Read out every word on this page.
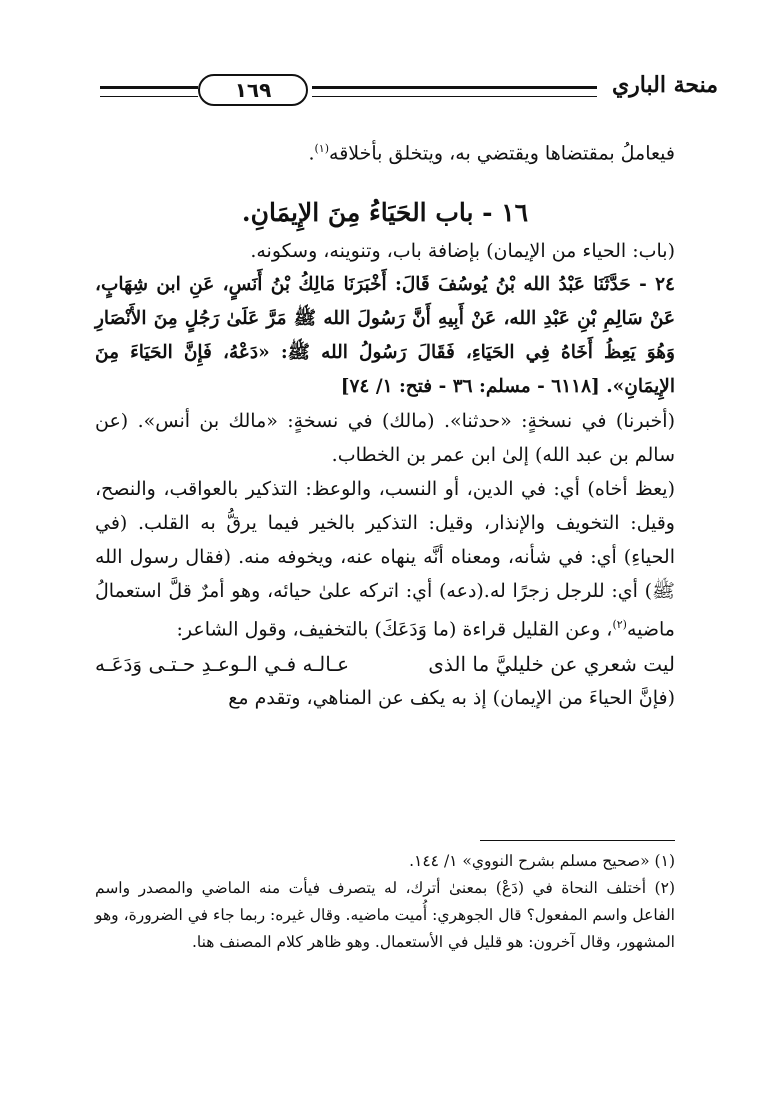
١٦٩	منحة الباري

فيعاملُ بمقتضاها ويقتضي به، ويتخلق بأخلاقه$^{(١)}$.

١٦ - باب الحَيَاءُ مِنَ الإِيمَانِ.

(باب: الحياء من الإيمان) بإضافة باب، وتنوينه، وسكونه.

٢٤ - حَدَّثَنَا عَبْدُ الله بْنُ يُوسُفَ قَالَ: أَخْبَرَنَا مَالِكُ بْنُ أَنَسٍ، عَنِ ابن شِهَابٍ، عَنْ سَالِمِ بْنِ عَبْدِ الله، عَنْ أَبِيهِ أَنَّ رَسُولَ الله ﷺ مَرَّ عَلَىٰ رَجُلٍ مِنَ الأَنْصَارِ وَهُوَ يَعِظُ أَخَاهُ فِي الحَيَاءِ، فَقَالَ رَسُولُ الله ﷺ: «دَعْهُ، فَإِنَّ الحَيَاءَ مِنَ الإِيمَانِ». [٦١١٨ - مسلم: ٣٦ - فتح: ١/ ٧٤]

(أخبرنا) في نسخةٍ: «حدثنا». (مالك) في نسخةٍ: «مالك بن أنس». (عن سالم بن عبد الله) إلىٰ ابن عمر بن الخطاب.

(يعظ أخاه) أي: في الدين، أو النسب، والوعظ: التذكير بالعواقب، والنصح، وقيل: التخويف والإنذار، وقيل: التذكير بالخير فيما يرقُّ به القلب. (في الحياءِ) أي: في شأنه، ومعناه أنَّه ينهاه عنه، ويخوفه منه. (فقال رسول الله ﷺ) أي: للرجل زجرًا له.(دعه) أي: اتركه علىٰ حيائه، وهو أمرٌ قلَّ استعمالُ ماضيه$^{(٢)}$، وعن القليل قراءة (ما وَدَعَكَ) بالتخفيف، وقول الشاعر:

ليت شعري عن خليليَّ ما الذى
عـالـه فـي الـوعـدِ حـتـى وَدَعَـه

(فإنَّ الحياءَ من الإيمان) إذ به يكف عن المناهي، وتقدم مع

(١) «صحيح مسلم بشرح النووي» ١/ ١٤٤.

(٢) أختلف النحاة في (دَعْ) بمعنىٰ أترك، له يتصرف فيأت منه الماضي والمصدر واسم الفاعل واسم المفعول؟ قال الجوهري: أُميت ماضيه. وقال غيره: ربما جاء في الضرورة، وهو المشهور، وقال آخرون: هو قليل في الأستعمال. وهو ظاهر كلام المصنف هنا.
